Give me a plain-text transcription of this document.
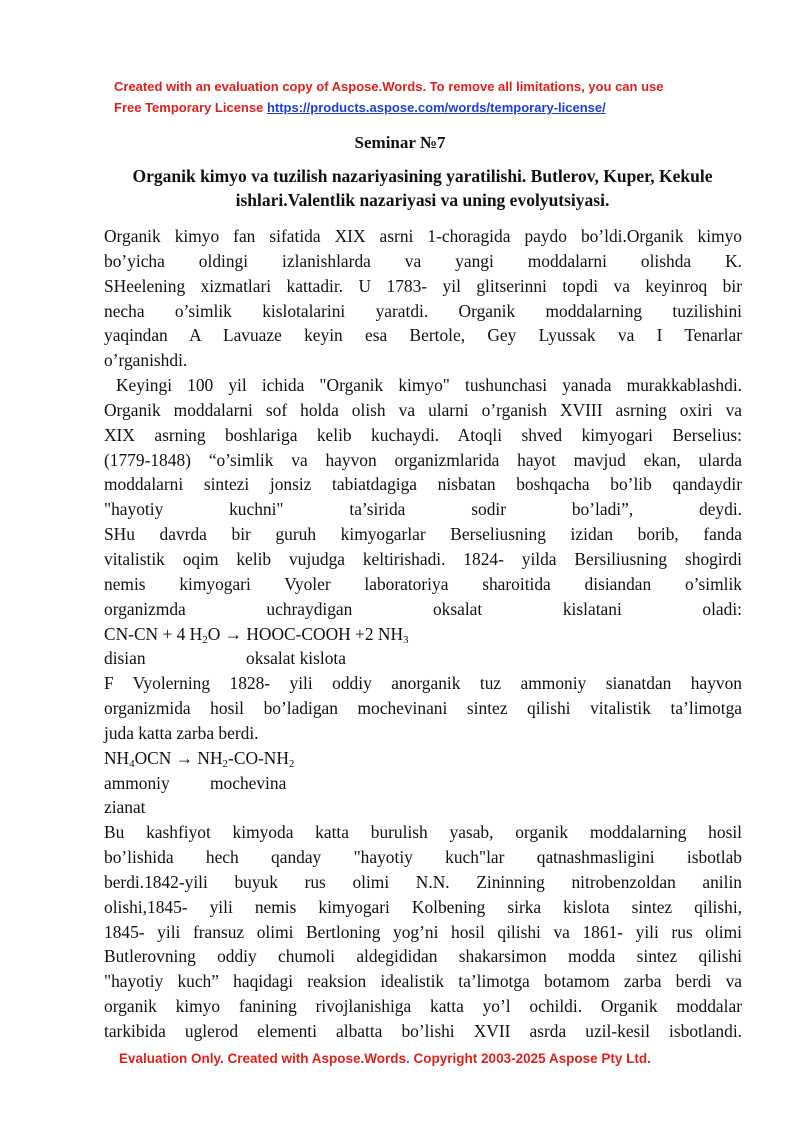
Created with an evaluation copy of Aspose.Words. To remove all limitations, you can use
Free Temporary License https://products.aspose.com/words/temporary-license/
Seminar №7
Organik kimyo va tuzilish nazariyasining yaratilishi. Butlerov, Kuper, Kekule
ishlari.Valentlik nazariyasi va uning evolyutsiyasi.

Organik kimyo fan sifatida XIX asrni 1-choragida paydo bo’ldi.Organik kimyo
bo’yicha oldingi izlanishlarda va yangi moddalarni olishda K.
SHeelening xizmatlari kattadir. U 1783- yil glitserinni topdi va keyinroq bir
necha o’simlik kislotalarini yaratdi. Organik moddalarning tuzilishini
yaqindan A Lavuaze keyin esa Bertole, Gey Lyussak va I Tenarlar
o’rganishdi.

Keyingi 100 yil ichida "Organik kimyo" tushunchasi yanada murakkablashdi.
Organik moddalarni sof holda olish va ularni o’rganish XVIII asrning oxiri va
XIX asrning boshlariga kelib kuchaydi. Atoqli shved kimyogari Berselius:
(1779-1848) “o’simlik va hayvon organizmlarida hayot mavjud ekan, ularda
moddalarni sintezi jonsiz tabiatdagiga nisbatan boshqacha bo’lib qandaydir
"hayotiy kuchni" ta’sirida sodir bo’ladi”, deydi.
SHu davrda bir guruh kimyogarlar Berseliusning izidan borib, fanda
vitalistik oqim kelib vujudga keltirishadi. 1824- yilda Bersiliusning shogirdi
nemis kimyogari Vyoler laboratoriya sharoitida disiandan o’simlik
organizmda uchraydigan oksalat kislatani oladi:

CN-CN + 4 $H_2O$ → HOOC-COOH +2 $NH_3$
disian	oksalat kislota

F Vyolerning 1828- yili oddiy anorganik tuz ammoniy sianatdan hayvon
organizmida hosil bo’ladigan mochevinani sintez qilishi vitalistik ta’limotga
juda katta zarba berdi.

$NH_4OCN \to NH_2-CO-NH_2$
ammoniy mochevina
zianat

Bu kashfiyot kimyoda katta burulish yasab, organik moddalarning hosil
bo’lishida hech qanday "hayotiy kuch"lar qatnashmasligini isbotlab
berdi.1842-yili buyuk rus olimi N.N. Zininning nitrobenzoldan anilin
olishi,1845- yili nemis kimyogari Kolbening sirka kislota sintez qilishi,
1845- yili fransuz olimi Bertloning yog’ni hosil qilishi va 1861- yili rus olimi
Butlerovning oddiy chumoli aldegididan shakarsimon modda sintez qilishi
"hayotiy kuch” haqidagi reaksion idealistik ta’limotga botamom zarba berdi va
organik kimyo fanining rivojlanishiga katta yo’l ochildi. Organik moddalar
tarkibida uglerod elementi albatta bo’lishi XVII asrda uzil-kesil isbotlandi.

Evaluation Only. Created with Aspose.Words. Copyright 2003-2025 Aspose Pty Ltd.
